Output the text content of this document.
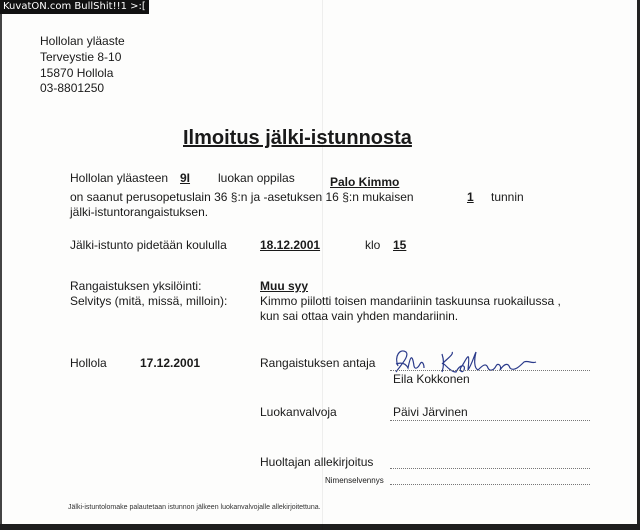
KuvatON.com BullShit!!1 >:[
Hollolan yläaste
Terveystie 8-10
15870 Hollola
03-8801250
Ilmoitus jälki-istunnosta
Hollolan yläasteen 9I luokan oppilas	Palo Kimmo
on saanut perusopetuslain 36 §:n ja -asetuksen 16 §:n mukaisen	1 tunnin
jälki-istuntorangaistuksen.
Jälki-istunto pidetään koululla	18.12.2001	klo 15
Rangaistuksen yksilöinti:	Muu syy
Selvitys (mitä, missä, milloin):	Kimmo piilotti toisen mandariinin taskuunsa ruokailussa ,
kun sai ottaa vain yhden mandariinin.
Hollola	17.12.2001	Rangaistuksen antaja
Eila Kokkonen
Luokanvalvoja	Päivi Järvinen
Huoltajan allekirjoitus
Nimenselvennys
Jälki-istuntolomake palautetaan istunnon jälkeen luokanvalvojalle allekirjoitettuna.
